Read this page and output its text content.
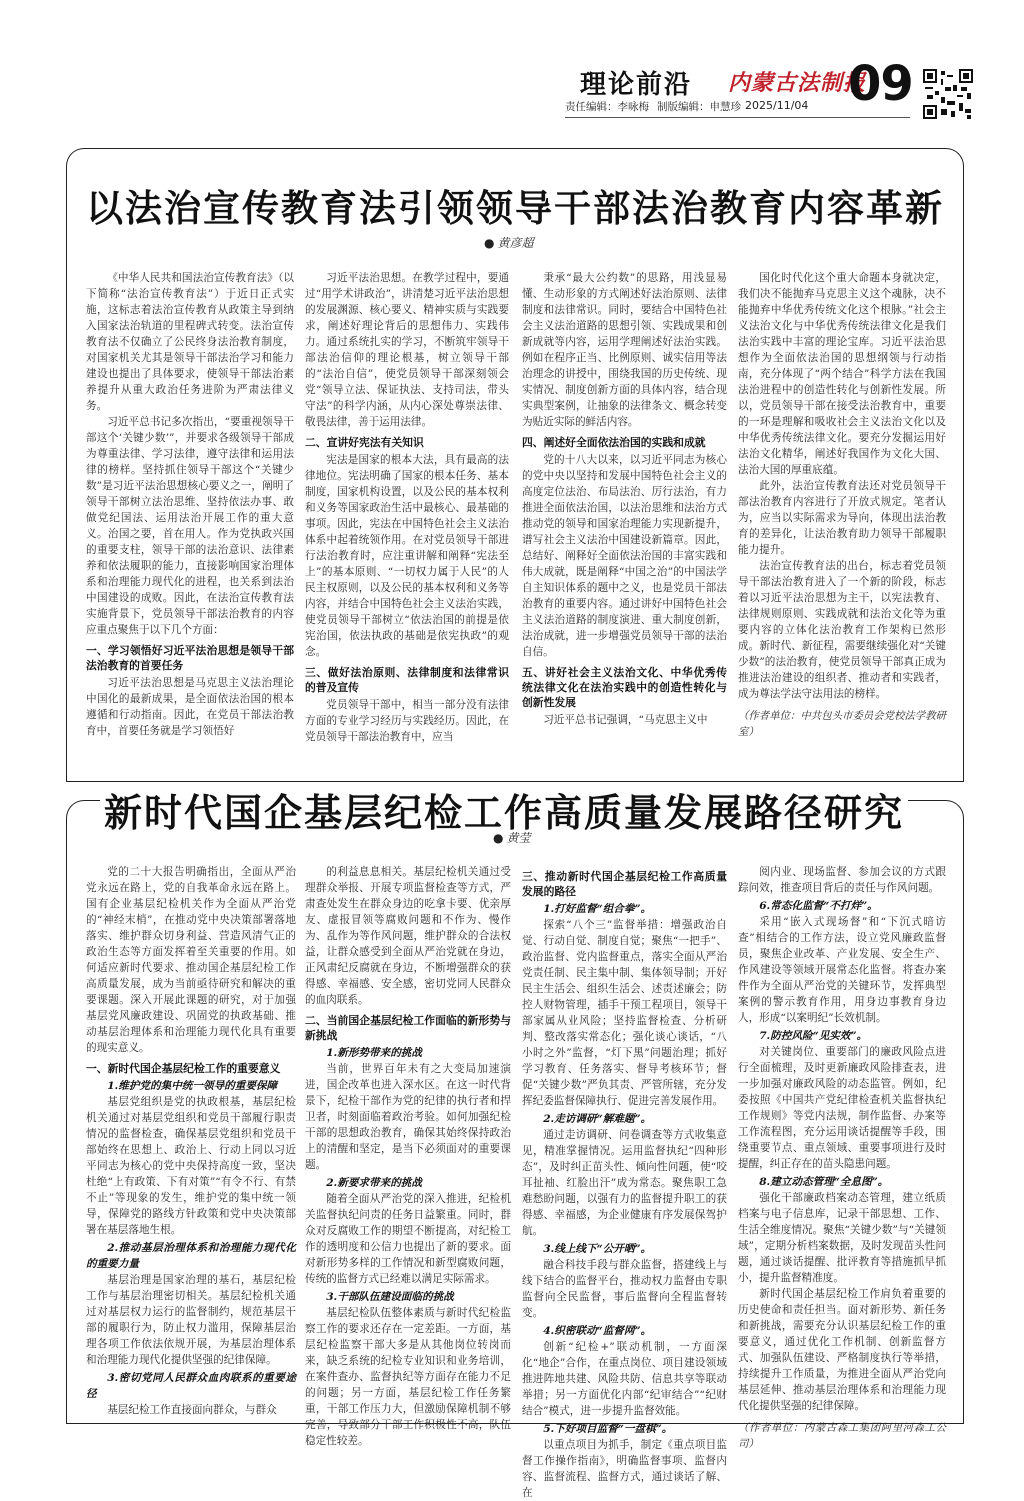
理论前沿 内蒙古法制报
责任编辑：李咏梅 制版编辑：申慧珍 2025/11/04 09
以法治宣传教育法引领领导干部法治教育内容革新
● 黄彦超

《中华人民共和国法治宣传教育法》（以下简称“法治宣传教育法”）于近日正式实施，这标志着法治宣传教育从政策主导到纳入国家法治轨道的里程碑式转变。法治宣传教育法不仅确立了公民终身法治教育制度，对国家机关尤其是领导干部法治学习和能力建设也提出了具体要求，使领导干部法治素养提升从重大政治任务进阶为严肃法律义务。

习近平总书记多次指出，“要重视领导干部这个‘关键少数’”，并要求各级领导干部成为尊重法律、学习法律，遵守法律和运用法律的榜样。坚持抓住领导干部这个“关键少数”是习近平法治思想核心要义之一，阐明了领导干部树立法治思维、坚持依法办事、敢做党纪国法、运用法治开展工作的重大意义。治国之要，首在用人。作为党执政兴国的重要支柱，领导干部的法治意识、法律素养和依法履职的能力，直接影响国家治理体系和治理能力现代化的进程，也关系到法治中国建设的成败。因此，在法治宣传教育法实施背景下，党员领导干部法治教育的内容应重点聚焦于以下几个方面：

一、学习领悟好习近平法治思想是领导干部法治教育的首要任务

习近平法治思想是马克思主义法治理论中国化的最新成果，是全面依法治国的根本遵循和行动指南。因此，在党员干部法治教育中，首要任务就是学习领悟好

习近平法治思想。在教学过程中，要通过“用学术讲政治”，讲清楚习近平法治思想的发展渊源、核心要义、精神实质与实践要求，阐述好理论背后的思想伟力、实践伟力。通过系统扎实的学习，不断筑牢领导干部法治信仰的理论根基，树立领导干部的“法治自信”，使党员领导干部深刻领会党“领导立法、保证执法、支持司法，带头守法”的科学内涵，从内心深处尊崇法律、敬畏法律，善于运用法律。

二、宣讲好宪法有关知识

宪法是国家的根本大法，具有最高的法律地位。宪法明确了国家的根本任务、基本制度，国家机构设置，以及公民的基本权利和义务等国家政治生活中最核心、最基础的事项。因此，宪法在中国特色社会主义法治体系中起着统领作用。在对党员领导干部进行法治教育时，应注重讲解和阐释“宪法至上”的基本原则、“一切权力属于人民”的人民主权原则，以及公民的基本权利和义务等内容，并结合中国特色社会主义法治实践，使党员领导干部树立“依法治国的前提是依宪治国，依法执政的基础是依宪执政”的观念。

三、做好法治原则、法律制度和法律常识的普及宣传

党员领导干部中，相当一部分没有法律方面的专业学习经历与实践经历。因此，在党员领导干部法治教育中，应当

秉承“最大公约数”的思路，用浅显易懂、生动形象的方式阐述好法治原则、法律制度和法律常识。同时，要结合中国特色社会主义法治道路的思想引领、实践成果和创新成就等内容，运用学理阐述好法治实践。例如在程序正当、比例原则、诚实信用等法治理念的讲授中，围绕我国的历史传统、现实情况、制度创新方面的具体内容，结合现实典型案例，让抽象的法律条文、概念转变为贴近实际的鲜活内容。

四、阐述好全面依法治国的实践和成就

党的十八大以来，以习近平同志为核心的党中央以坚持和发展中国特色社会主义的高度定位法治、布局法治、厉行法治，有力推进全面依法治国，以法治思维和法治方式推动党的领导和国家治理能力实现新提升，谱写社会主义法治中国建设新篇章。因此，总结好、阐释好全面依法治国的丰富实践和伟大成就，既是阐释“中国之治”的中国法学自主知识体系的题中之义，也是党员干部法治教育的重要内容。通过讲好中国特色社会主义法治道路的制度演进、重大制度创新，法治成就，进一步增强党员领导干部的法治自信。

五、讲好社会主义法治文化、中华优秀传统法律文化在法治实践中的创造性转化与创新性发展

习近平总书记强调，“马克思主义中

国化时代化这个重大命题本身就决定，我们决不能抛弃马克思主义这个魂脉，决不能抛弃中华优秀传统文化这个根脉。”社会主义法治文化与中华优秀传统法律文化是我们法治实践中丰富的理论宝库。习近平法治思想作为全面依法治国的思想纲领与行动指南，充分体现了“两个结合”科学方法在我国法治进程中的创造性转化与创新性发展。所以，党员领导干部在接受法治教育中，重要的一环是理解和吸收社会主义法治文化以及中华优秀传统法律文化。要充分发掘运用好法治文化精华，阐述好我国作为文化大国、法治大国的厚重底蕴。

此外，法治宣传教育法还对党员领导干部法治教育内容进行了开放式规定。笔者认为，应当以实际需求为导向，体现出法治教育的差异化，让法治教育助力领导干部履职能力提升。

法治宣传教育法的出台，标志着党员领导干部法治教育进入了一个新的阶段，标志着以习近平法治思想为主干，以宪法教育、法律规则原则、实践成就和法治文化等为重要内容的立体化法治教育工作架构已然形成。新时代、新征程，需要继续强化对“关键少数”的法治教育，使党员领导干部真正成为推进法治建设的组织者、推动者和实践者，成为尊法学法守法用法的榜样。

（作者单位：中共包头市委员会党校法学教研室）

新时代国企基层纪检工作高质量发展路径研究
● 黄莹

党的二十大报告明确指出，全面从严治党永远在路上，党的自我革命永远在路上。国有企业基层纪检机关作为全面从严治党的“神经末梢”，在推动党中央决策部署落地落实、维护群众切身利益、营造风清气正的政治生态等方面发挥着至关重要的作用。如何适应新时代要求、推动国企基层纪检工作高质量发展，成为当前亟待研究和解决的重要课题。深入开展此课题的研究，对于加强基层党风廉政建设、巩固党的执政基础、推动基层治理体系和治理能力现代化具有重要的现实意义。

一、新时代国企基层纪检工作的重要意义
1.维护党的集中统一领导的重要保障

基层党组织是党的执政根基，基层纪检机关通过对基层党组织和党员干部履行职责情况的监督检查，确保基层党组织和党员干部始终在思想上、政治上、行动上同以习近平同志为核心的党中央保持高度一致，坚决杜绝“上有政策、下有对策”“有令不行、有禁不止”等现象的发生，维护党的集中统一领导，保障党的路线方针政策和党中央决策部署在基层落地生根。

2.推动基层治理体系和治理能力现代化的重要力量

基层治理是国家治理的基石，基层纪检工作与基层治理密切相关。基层纪检机关通过对基层权力运行的监督制约，规范基层干部的履职行为，防止权力滥用，保障基层治理各项工作依法依规开展，为基层治理体系和治理能力现代化提供坚强的纪律保障。

3.密切党同人民群众血肉联系的重要途径

基层纪检工作直接面向群众，与群众

的利益息息相关。基层纪检机关通过受理群众举报、开展专项监督检查等方式，严肃查处发生在群众身边的吃拿卡要、优亲厚友、虚报冒领等腐败问题和不作为、慢作为、乱作为等作风问题，维护群众的合法权益，让群众感受到全面从严治党就在身边，正风肃纪反腐就在身边，不断增强群众的获得感、幸福感、安全感，密切党同人民群众的血肉联系。

二、当前国企基层纪检工作面临的新形势与新挑战
1.新形势带来的挑战

当前，世界百年未有之大变局加速演进，国企改革也进入深水区。在这一时代背景下，纪检干部作为党的纪律的执行者和捍卫者，时刻面临着政治考验。如何加强纪检干部的思想政治教育，确保其始终保持政治上的清醒和坚定，是当下必须面对的重要课题。

2.新要求带来的挑战

随着全面从严治党的深入推进，纪检机关监督执纪问责的任务日益繁重。同时，群众对反腐败工作的期望不断提高，对纪检工作的透明度和公信力也提出了新的要求。面对新形势多样的工作情况和新型腐败问题，传统的监督方式已经难以满足实际需求。

3.干部队伍建设面临的挑战

基层纪检队伍整体素质与新时代纪检监察工作的要求还存在一定差距。一方面，基层纪检监察干部大多是从其他岗位转岗而来，缺乏系统的纪检专业知识和业务培训，在案件查办、监督执纪等方面存在能力不足的问题；另一方面，基层纪检工作任务繁重，干部工作压力大，但激励保障机制不够完善，导致部分干部工作积极性不高，队伍稳定性较差。

三、推动新时代国企基层纪检工作高质量发展的路径
1.打好监督“组合拳”。

探索“八个三”监督举措：增强政治自觉、行动自觉、制度自觉；聚焦“一把手”、政治监督、党内监督重点，落实全面从严治党责任制、民主集中制、集体领导制；开好民主生活会、组织生活会、述责述廉会；防控人财物管理，插手干预工程项目，领导干部家属从业风险；坚持监督检查、分析研判、整改落实常态化；强化谈心谈话，“八小时之外”监督，“灯下黑”问题治理；抓好学习教育、任务落实、督导考核环节；督促“关键少数”严负其责、严管所辖，充分发挥纪委监督保障执行、促进完善发展作用。

2.走访调研“解难题”。

通过走访调研、问卷调查等方式收集意见，精准掌握情况。运用监督执纪“四种形态”，及时纠正苗头性、倾向性问题，使“咬耳扯袖、红脸出汗”成为常态。聚焦职工急难愁盼问题，以强有力的监督提升职工的获得感、幸福感，为企业健康有序发展保驾护航。

3.线上线下“公开晒”。

融合科技手段与群众监督，搭建线上与线下结合的监督平台，推动权力监督由专职监督向全民监督，事后监督向全程监督转变。

4.织密联动“监督网”。

创新“纪检+”联动机制，一方面深化“地企”合作，在重点岗位、项目建设领域推进阵地共建、风险共防、信息共享等联动举措；另一方面优化内部“纪审结合”“纪财结合”模式，进一步提升监督效能。

5.下好项目监督“一盘棋”。

以重点项目为抓手，制定《重点项目监督工作操作指南》，明确监督事项、监督内容、监督流程、监督方式，通过谈话了解、在

阅内业、现场监督、参加会议的方式跟踪问效，推查项目背后的责任与作风问题。

6.常态化监督“不打烊”。

采用“嵌入式现场督”和“下沉式暗访查”相结合的工作方法，设立党风廉政监督员，聚焦企业改革、产业发展、安全生产、作风建设等领域开展常态化监督。将查办案件作为全面从严治党的关键环节，发挥典型案例的警示教育作用，用身边事教育身边人，形成“以案明纪”长效机制。

7.防控风险“见实效”。

对关键岗位、重要部门的廉政风险点进行全面梳理，及时更新廉政风险排查表，进一步加强对廉政风险的动态监管。例如，纪委按照《中国共产党纪律检查机关监督执纪工作规则》等党内法规，制作监督、办案等工作流程图，充分运用谈话提醒等手段，围绕重要节点、重点领域、重要事项进行及时提醒，纠正存在的苗头隐患问题。

8.建立动态管理“全息图”。

强化干部廉政档案动态管理，建立纸质档案与电子信息库，记录干部思想、工作、生活全维度情况。聚焦“关键少数”与“关键领域”，定期分析档案数据，及时发现苗头性问题，通过谈话提醒、批评教育等措施抓早抓小，提升监督精准度。

新时代国企基层纪检工作肩负着重要的历史使命和责任担当。面对新形势、新任务和新挑战，需要充分认识基层纪检工作的重要意义，通过优化工作机制、创新监督方式、加强队伍建设、严格制度执行等举措，持续提升工作质量，为推进全面从严治党向基层延伸、推动基层治理体系和治理能力现代化提供坚强的纪律保障。

（作者单位：内蒙古森工集团阿里河森工公司）
